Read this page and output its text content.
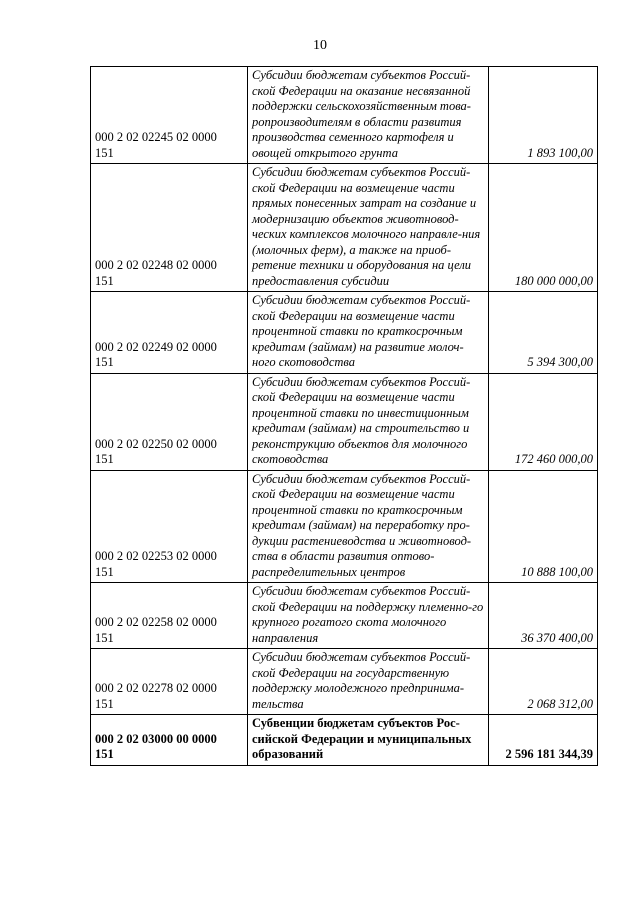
10
000 2 02 02245 02 0000
151	Субсидии бюджетам субъектов Россий-ской Федерации на оказание несвязанной поддержки сельскохозяйственным това-ропроизводителям в области развития производства семенного картофеля и овощей открытого грунта	1 893 100,00
000 2 02 02248 02 0000
151	Субсидии бюджетам субъектов Россий-ской Федерации на возмещение части прямых понесенных затрат на создание и модернизацию объектов животновод-ческих комплексов молочного направле-ния (молочных ферм), а также на приоб-ретение техники и оборудования на цели предоставления субсидии	180 000 000,00
000 2 02 02249 02 0000
151	Субсидии бюджетам субъектов Россий-ской Федерации на возмещение части процентной ставки по краткосрочным кредитам (займам) на развитие молоч-ного скотоводства	5 394 300,00
000 2 02 02250 02 0000
151	Субсидии бюджетам субъектов Россий-ской Федерации на возмещение части процентной ставки по инвестиционным кредитам (займам) на строительство и реконструкцию объектов для молочного скотоводства	172 460 000,00
000 2 02 02253 02 0000
151	Субсидии бюджетам субъектов Россий-ской Федерации на возмещение части процентной ставки по краткосрочным кредитам (займам) на переработку про-дукции растениеводства и животновод-ства в области развития оптово-распределительных центров	10 888 100,00
000 2 02 02258 02 0000
151	Субсидии бюджетам субъектов Россий-ской Федерации на поддержку племенно-го крупного рогатого скота молочного направления	36 370 400,00
000 2 02 02278 02 0000
151	Субсидии бюджетам субъектов Россий-ской Федерации на государственную поддержку молодежного предпринима-тельства	2 068 312,00
000 2 02 03000 00 0000
151	Субвенции бюджетам субъектов Рос-сийской Федерации и муниципальных образований	2 596 181 344,39
